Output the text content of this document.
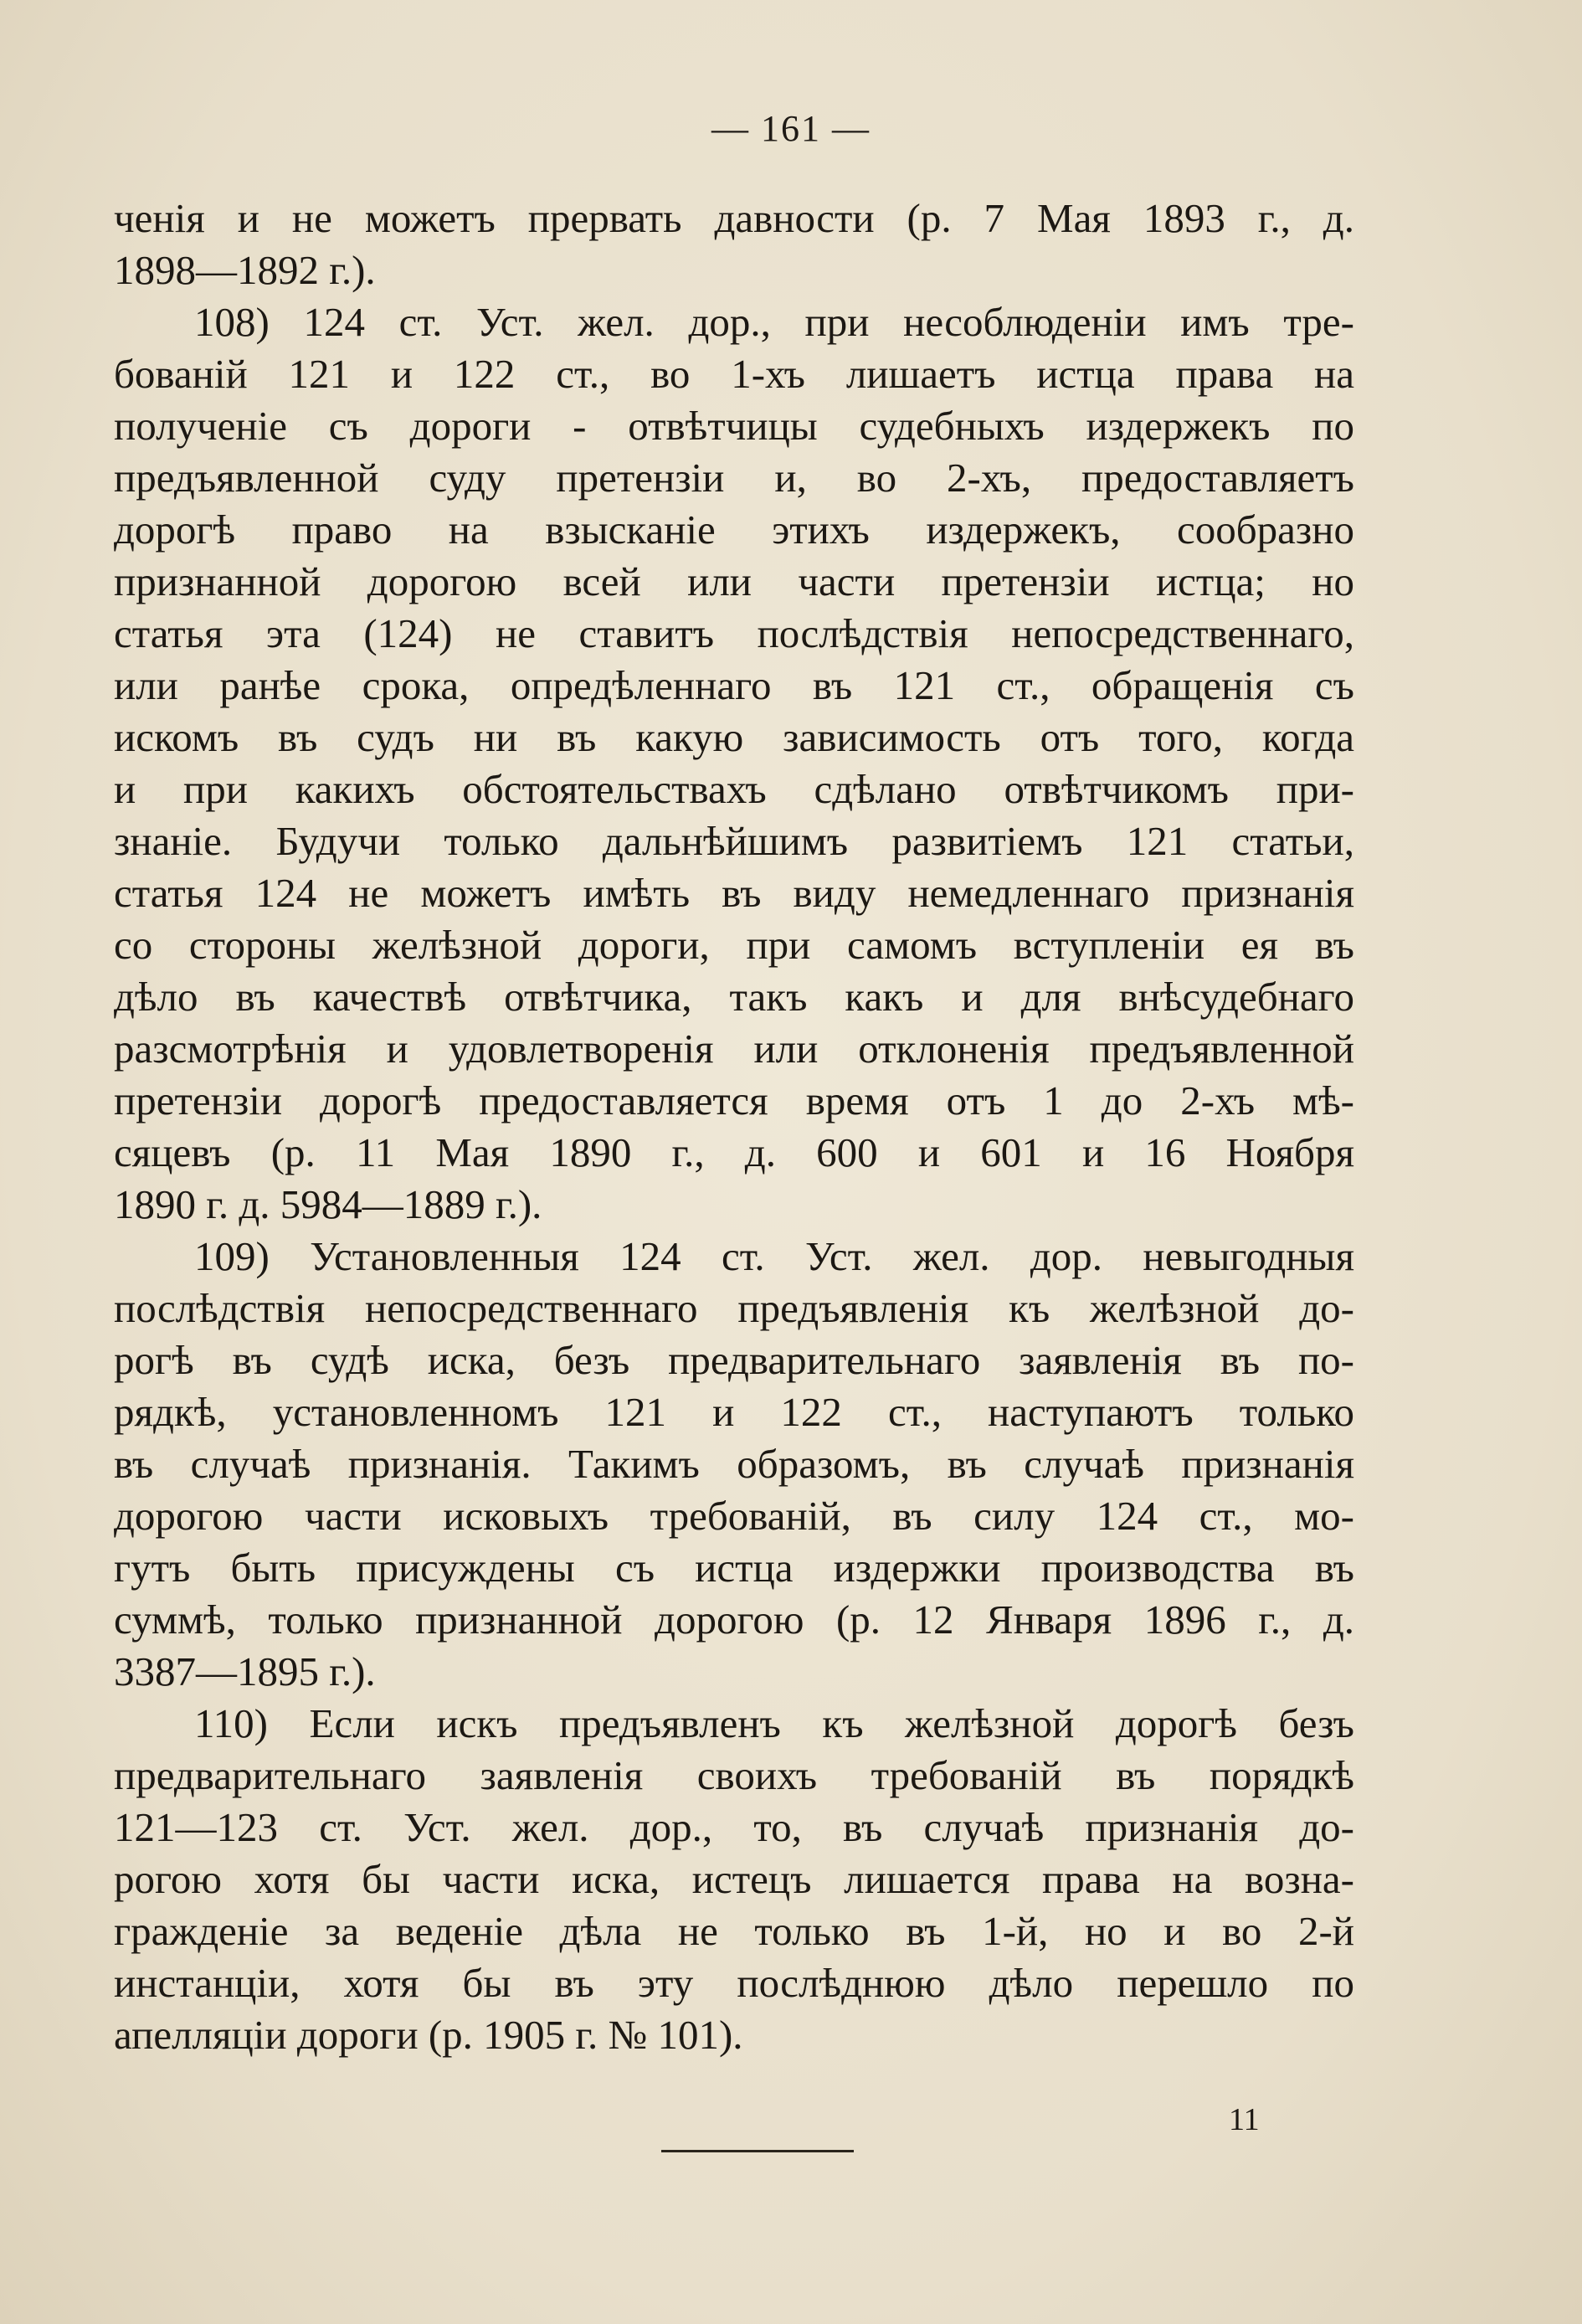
— 161 —
ченія и не можетъ прервать давности (р. 7 Мая 1893 г., д.
1898—1892 г.).
108) 124 ст. Уст. жел. дор., при несоблюденіи имъ тре-
бованій 121 и 122 ст., во 1-хъ лишаетъ истца права на
полученіе съ дороги - отвѣтчицы судебныхъ издержекъ по
предъявленной суду претензіи и, во 2-хъ, предоставляетъ
дорогѣ право на взысканіе этихъ издержекъ, сообразно
признанной дорогою всей или части претензіи истца; но
статья эта (124) не ставитъ послѣдствія непосредственнаго,
или ранѣе срока, опредѣленнаго въ 121 ст., обращенія съ
искомъ въ судъ ни въ какую зависимость отъ того, когда
и при какихъ обстоятельствахъ сдѣлано отвѣтчикомъ при-
знаніе. Будучи только дальнѣйшимъ развитіемъ 121 статьи,
статья 124 не можетъ имѣть въ виду немедленнаго признанія
со стороны желѣзной дороги, при самомъ вступленіи ея въ
дѣло въ качествѣ отвѣтчика, такъ какъ и для внѣсудебнаго
разсмотрѣнія и удовлетворенія или отклоненія предъявленной
претензіи дорогѣ предоставляется время отъ 1 до 2-хъ мѣ-
сяцевъ (р. 11 Мая 1890 г., д. 600 и 601 и 16 Ноября
1890 г. д. 5984—1889 г.).
109) Установленныя 124 ст. Уст. жел. дор. невыгодныя
послѣдствія непосредственнаго предъявленія къ желѣзной до-
рогѣ въ судѣ иска, безъ предварительнаго заявленія въ по-
рядкѣ, установленномъ 121 и 122 ст., наступаютъ только
въ случаѣ признанія. Такимъ образомъ, въ случаѣ признанія
дорогою части исковыхъ требованій, въ силу 124 ст., мо-
гутъ быть присуждены съ истца издержки производства въ
суммѣ, только признанной дорогою (р. 12 Января 1896 г., д.
3387—1895 г.).
110) Если искъ предъявленъ къ желѣзной дорогѣ безъ
предварительнаго заявленія своихъ требованій въ порядкѣ
121—123 ст. Уст. жел. дор., то, въ случаѣ признанія до-
рогою хотя бы части иска, истецъ лишается права на возна-
гражденіе за веденіе дѣла не только въ 1-й, но и во 2-й
инстанціи, хотя бы въ эту послѣднюю дѣло перешло по
апелляціи дороги (р. 1905 г. № 101).
11
